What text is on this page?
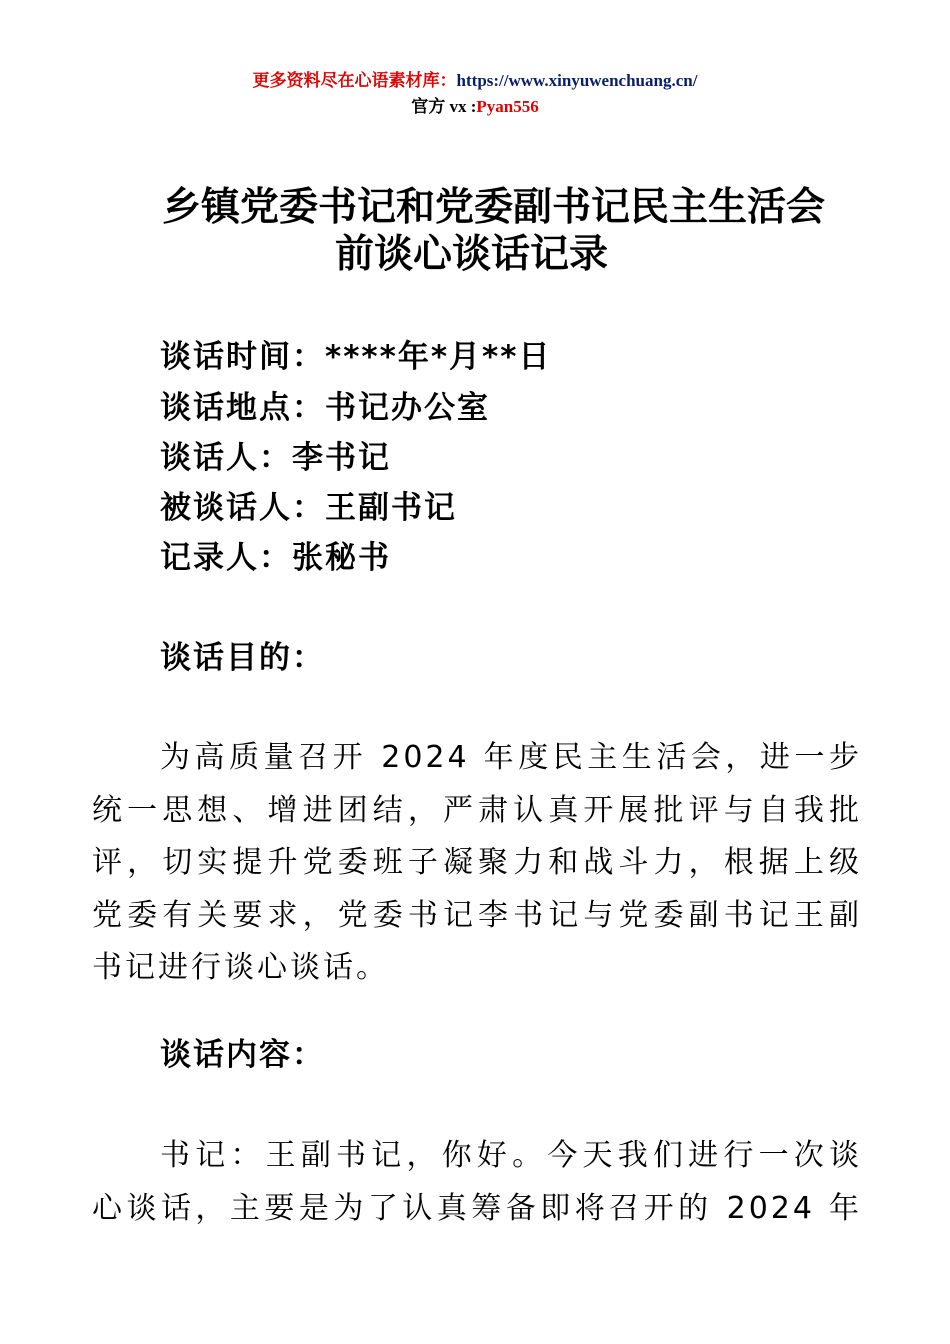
更多资料尽在心语素材库：https://www.xinyuwenchuang.cn/
官方 vx :Pyan556
乡镇党委书记和党委副书记民主生活会
前谈心谈话记录
谈话时间：****年*月**日
谈话地点：书记办公室
谈话人：李书记
被谈话人：王副书记
记录人：张秘书
谈话目的：
为高质量召开 2024 年度民主生活会，进一步
统一思想、增进团结，严肃认真开展批评与自我批
评，切实提升党委班子凝聚力和战斗力，根据上级
党委有关要求，党委书记李书记与党委副书记王副
书记进行谈心谈话。
谈话内容：
书记：王副书记，你好。今天我们进行一次谈
心谈话，主要是为了认真筹备即将召开的 2024 年
